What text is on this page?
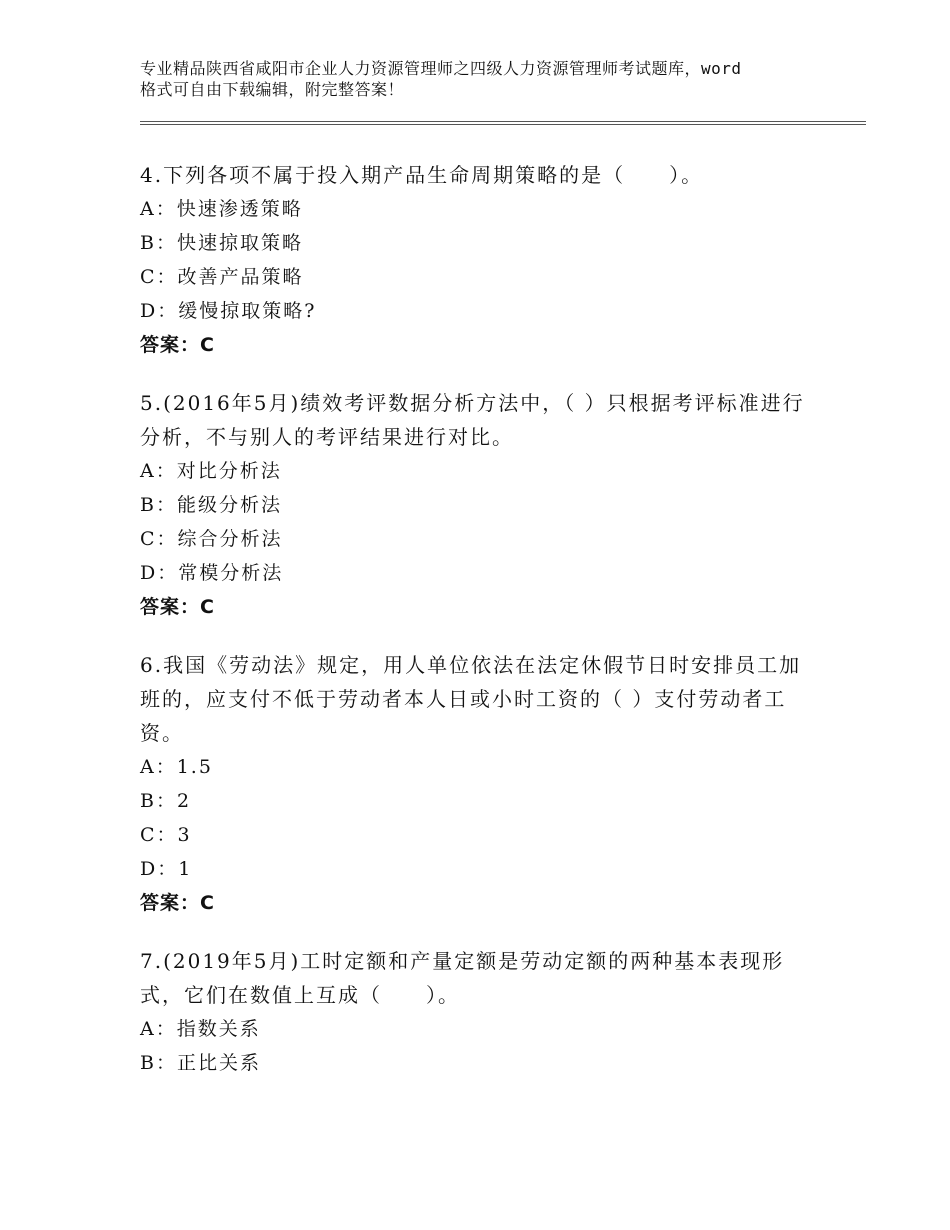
专业精品陕西省咸阳市企业人力资源管理师之四级人力资源管理师考试题库，word
格式可自由下载编辑，附完整答案！

4.下列各项不属于投入期产品生命周期策略的是（　　）。

A：快速渗透策略

B：快速掠取策略

C：改善产品策略

D：缓慢掠取策略?

答案：C

5.(2016年5月)绩效考评数据分析方法中，（ ）只根据考评标准进行分析，不与别人的考评结果进行对比。

A：对比分析法

B：能级分析法

C：综合分析法

D：常模分析法

答案：C

6.我国《劳动法》规定，用人单位依法在法定休假节日时安排员工加班的，应支付不低于劳动者本人日或小时工资的（ ）支付劳动者工资。

A：1.5

B：2

C：3

D：1

答案：C

7.(2019年5月)工时定额和产量定额是劳动定额的两种基本表现形式，它们在数值上互成（　　）。

A：指数关系

B：正比关系
